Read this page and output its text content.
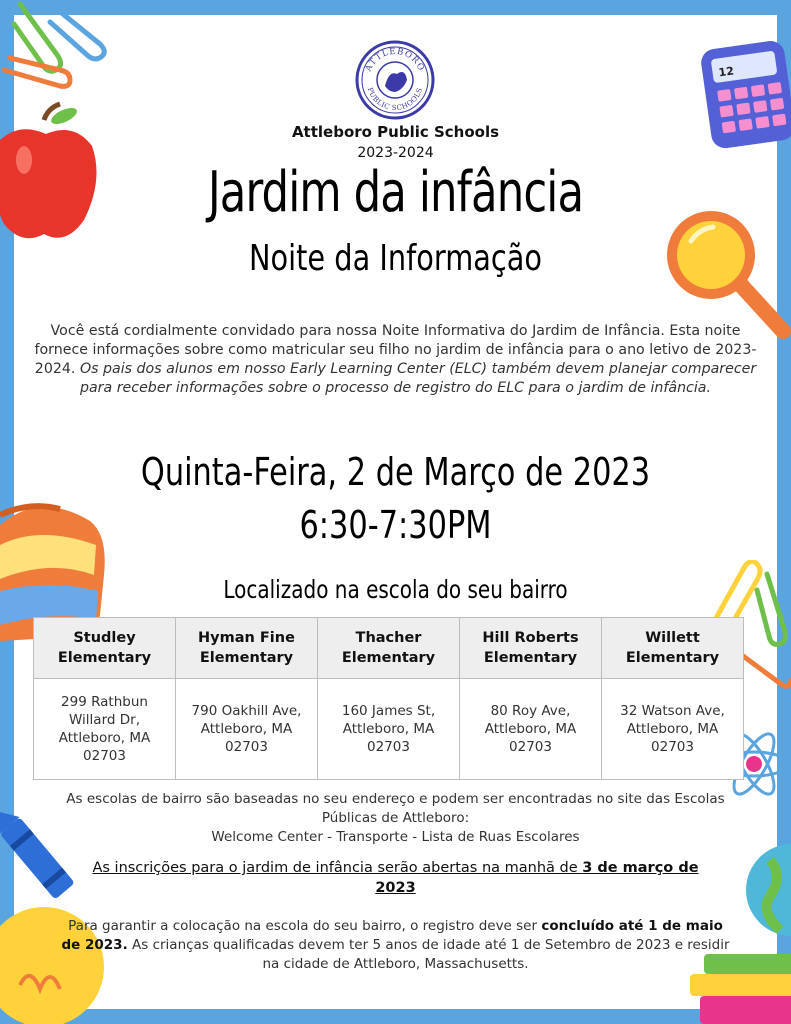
12
ATTLEBORO
PUBLIC SCHOOLS
Attleboro Public Schools
2023-2024
Jardim da infância
Noite da Informação
Você está cordialmente convidado para nossa Noite Informativa do Jardim de Infância. Esta noite fornece informações sobre como matricular seu filho no jardim de infância para o ano letivo de 2023-2024. Os pais dos alunos em nosso Early Learning Center (ELC) também devem planejar comparecer para receber informações sobre o processo de registro do ELC para o jardim de infância.
Quinta-Feira, 2 de Março de 2023
6:30-7:30PM
Localizado na escola do seu bairro
Studley Elementary	Hyman Fine Elementary	Thacher Elementary	Hill Roberts Elementary	Willett Elementary
299 Rathbun Willard Dr, Attleboro, MA 02703	790 Oakhill Ave, Attleboro, MA 02703	160 James St, Attleboro, MA 02703	80 Roy Ave, Attleboro, MA 02703	32 Watson Ave, Attleboro, MA 02703
As escolas de bairro são baseadas no seu endereço e podem ser encontradas no site das Escolas Públicas de Attleboro:
Welcome Center - Transporte - Lista de Ruas Escolares
As inscrições para o jardim de infância serão abertas na manhã de 3 de março de 2023
Para garantir a colocação na escola do seu bairro, o registro deve ser concluído até 1 de maio de 2023. As crianças qualificadas devem ter 5 anos de idade até 1 de Setembro de 2023 e residir na cidade de Attleboro, Massachusetts.
